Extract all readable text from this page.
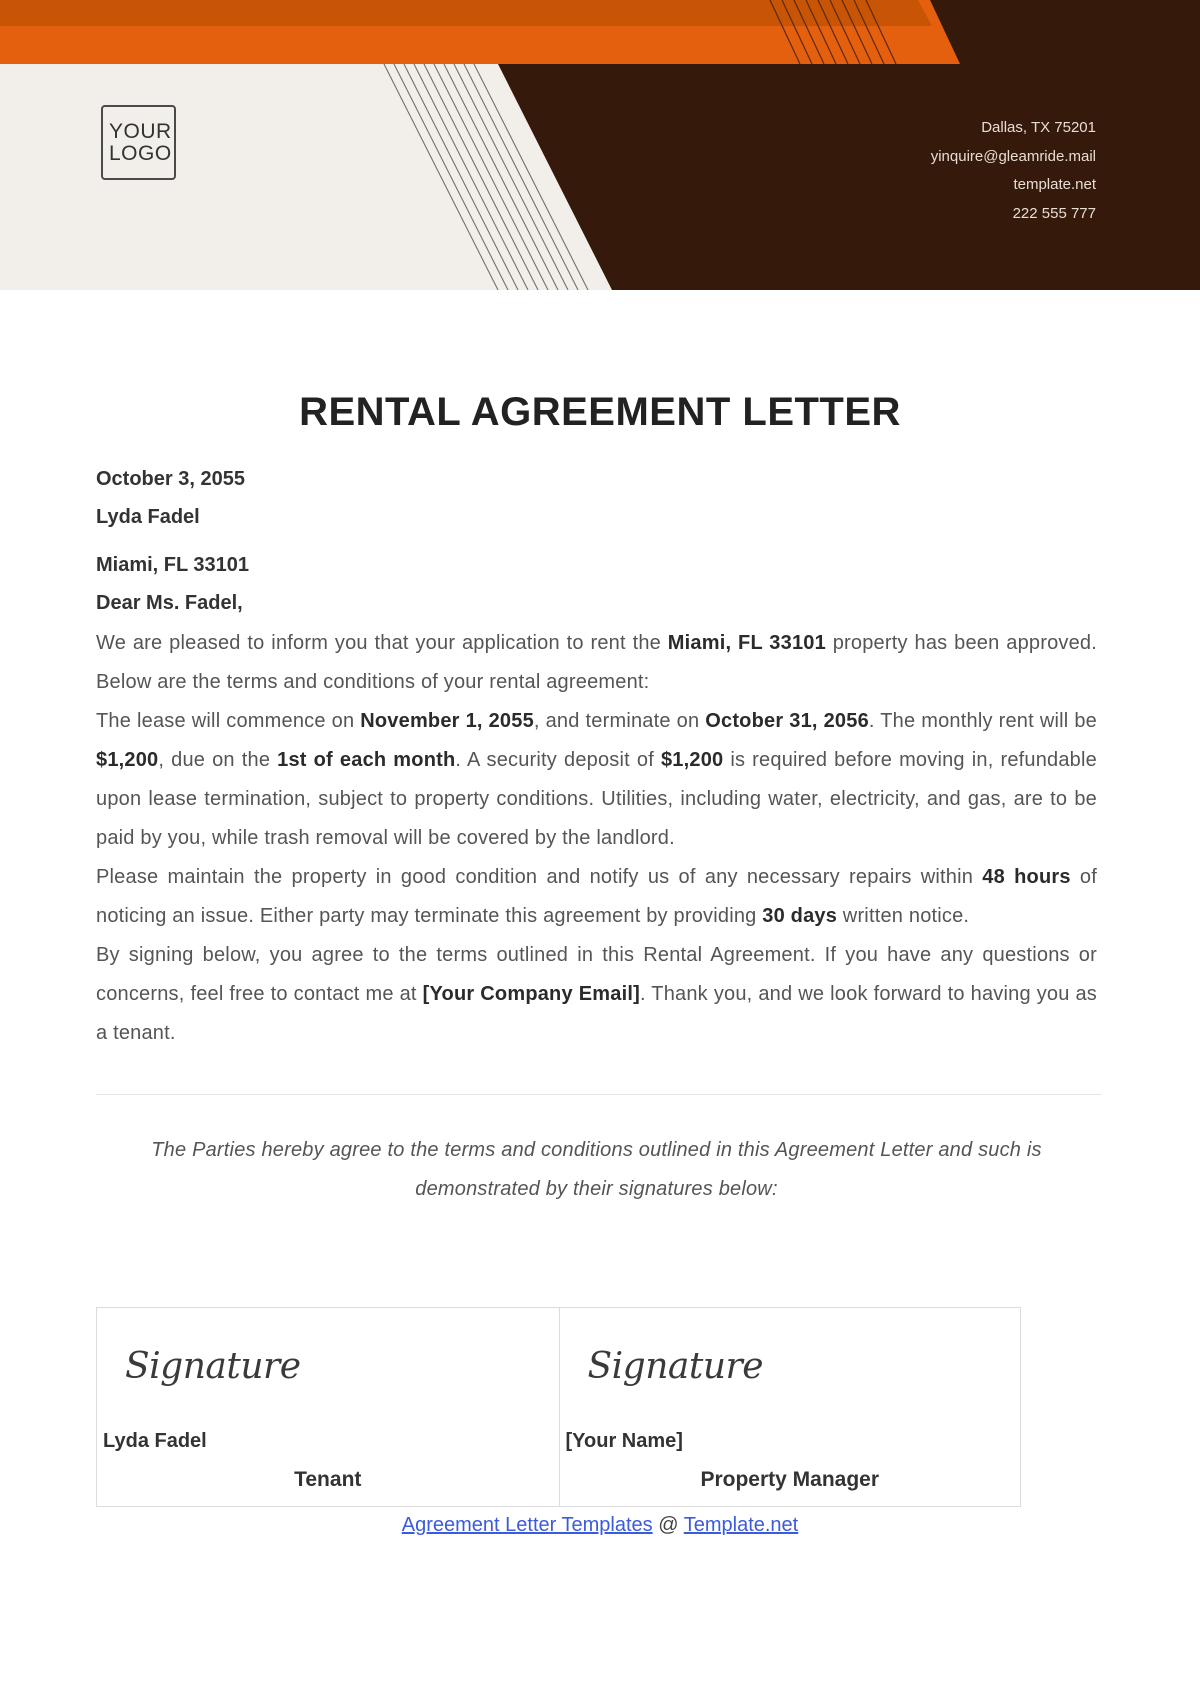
YOUR
LOGO
Dallas, TX 75201
yinquire@gleamride.mail
template.net
222 555 777
RENTAL AGREEMENT LETTER
October 3, 2055
Lyda Fadel
Miami, FL 33101
Dear Ms. Fadel,

We are pleased to inform you that your application to rent the Miami, FL 33101 property has been approved. Below are the terms and conditions of your rental agreement:

The lease will commence on November 1, 2055, and terminate on October 31, 2056. The monthly rent will be $1,200, due on the 1st of each month. A security deposit of $1,200 is required before moving in, refundable upon lease termination, subject to property conditions. Utilities, including water, electricity, and gas, are to be paid by you, while trash removal will be covered by the landlord.

Please maintain the property in good condition and notify us of any necessary repairs within 48 hours of noticing an issue. Either party may terminate this agreement by providing 30 days written notice.

By signing below, you agree to the terms outlined in this Rental Agreement. If you have any questions or concerns, feel free to contact me at [Your Company Email]. Thank you, and we look forward to having you as a tenant.

The Parties hereby agree to the terms and conditions outlined in this Agreement Letter and such is demonstrated by their signatures below:
Signature
Lyda Fadel
Tenant
Signature
[Your Name]
Property Manager
Agreement Letter Templates @ Template.net
